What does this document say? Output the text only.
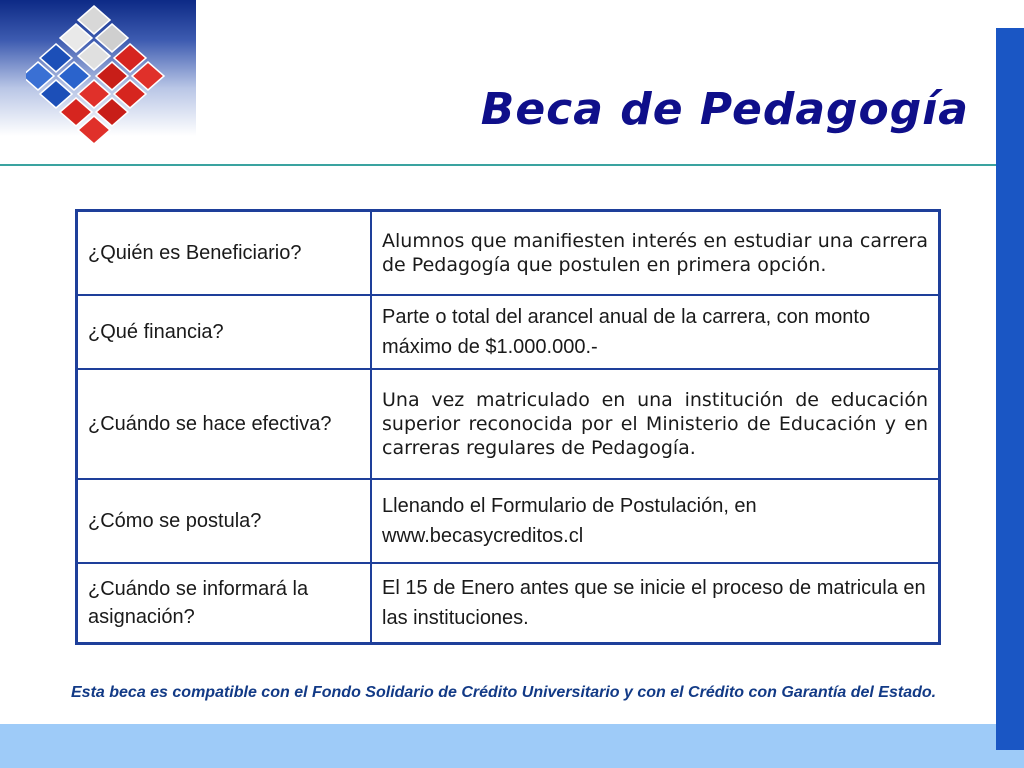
Beca de Pedagogía
¿Quién es Beneficiario?	Alumnos que manifiesten interés en estudiar una carrera de Pedagogía que postulen en primera opción.
¿Qué financia?	Parte o total del arancel anual de la carrera, con monto máximo de $1.000.000.-
¿Cuándo se hace efectiva?	Una vez matriculado en una institución de educación superior reconocida por el Ministerio de Educación y en carreras regulares de Pedagogía.
¿Cómo se postula?	Llenando el Formulario de Postulación, en www.becasycreditos.cl
¿Cuándo se informará la asignación?	El 15 de Enero antes que se inicie el proceso de matricula en las instituciones.
Esta beca es compatible con el Fondo Solidario de Crédito Universitario y con el Crédito con Garantía del Estado.
